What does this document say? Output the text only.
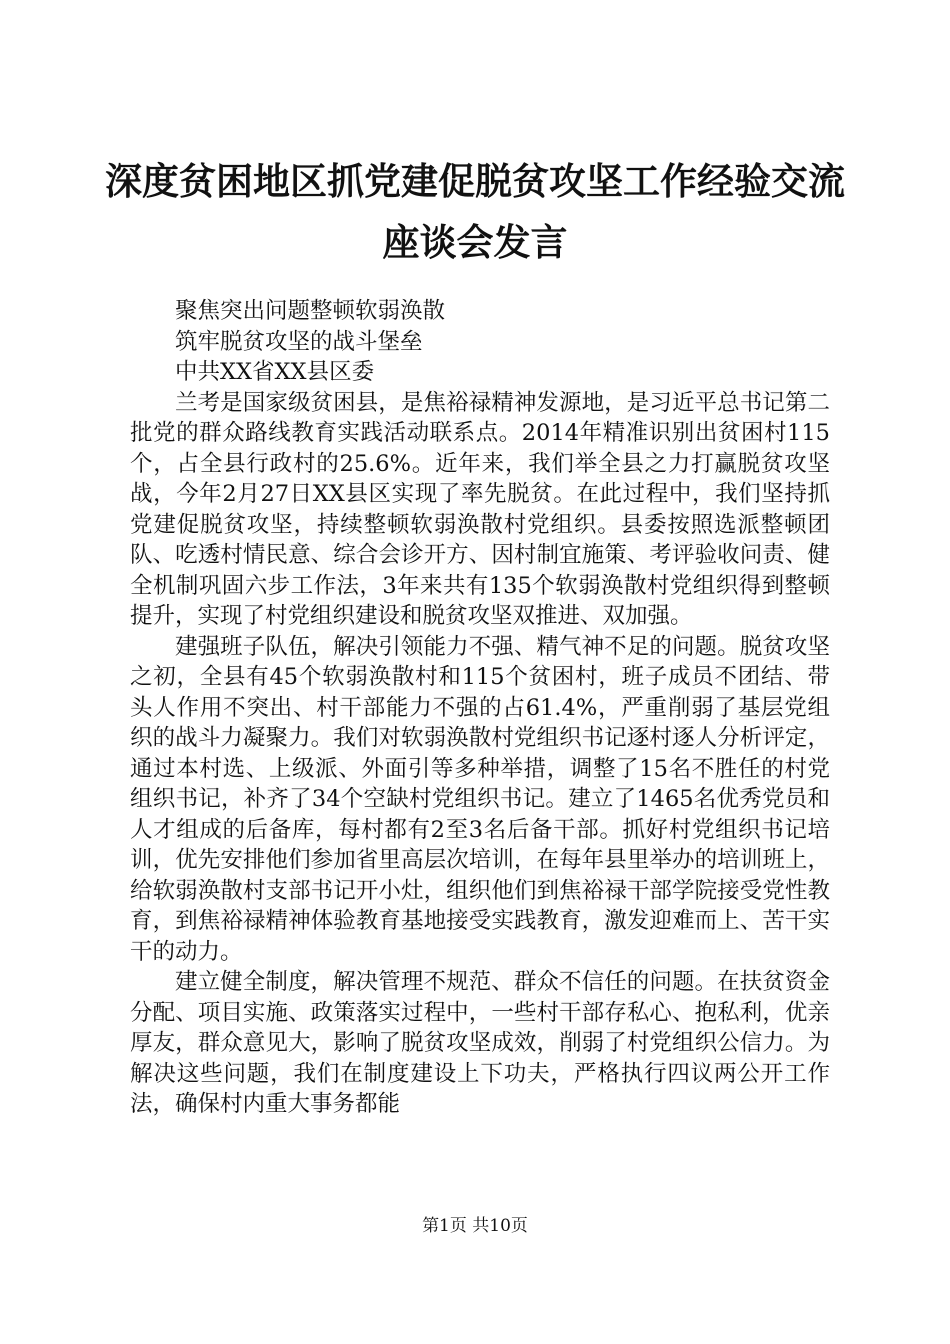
深度贫困地区抓党建促脱贫攻坚工作经验交流
座谈会发言
聚焦突出问题整顿软弱涣散
筑牢脱贫攻坚的战斗堡垒
中共XX省XX县区委

兰考是国家级贫困县，是焦裕禄精神发源地，是习近平总书记第二批党的群众路线教育实践活动联系点。2014年精准识别出贫困村115个，占全县行政村的25.6%。近年来，我们举全县之力打赢脱贫攻坚战，今年2月27日XX县区实现了率先脱贫。在此过程中，我们坚持抓党建促脱贫攻坚，持续整顿软弱涣散村党组织。县委按照选派整顿团队、吃透村情民意、综合会诊开方、因村制宜施策、考评验收问责、健全机制巩固六步工作法，3年来共有135个软弱涣散村党组织得到整顿提升，实现了村党组织建设和脱贫攻坚双推进、双加强。

建强班子队伍，解决引领能力不强、精气神不足的问题。脱贫攻坚之初，全县有45个软弱涣散村和115个贫困村，班子成员不团结、带头人作用不突出、村干部能力不强的占61.4%，严重削弱了基层党组织的战斗力凝聚力。我们对软弱涣散村党组织书记逐村逐人分析评定，通过本村选、上级派、外面引等多种举措，调整了15名不胜任的村党组织书记，补齐了34个空缺村党组织书记。建立了1465名优秀党员和人才组成的后备库，每村都有2至3名后备干部。抓好村党组织书记培训，优先安排他们参加省里高层次培训，在每年县里举办的培训班上，给软弱涣散村支部书记开小灶，组织他们到焦裕禄干部学院接受党性教育，到焦裕禄精神体验教育基地接受实践教育，激发迎难而上、苦干实干的动力。

建立健全制度，解决管理不规范、群众不信任的问题。在扶贫资金分配、项目实施、政策落实过程中，一些村干部存私心、抱私利，优亲厚友，群众意见大，影响了脱贫攻坚成效，削弱了村党组织公信力。为解决这些问题，我们在制度建设上下功夫，严格执行四议两公开工作法，确保村内重大事务都能

第1页 共10页
